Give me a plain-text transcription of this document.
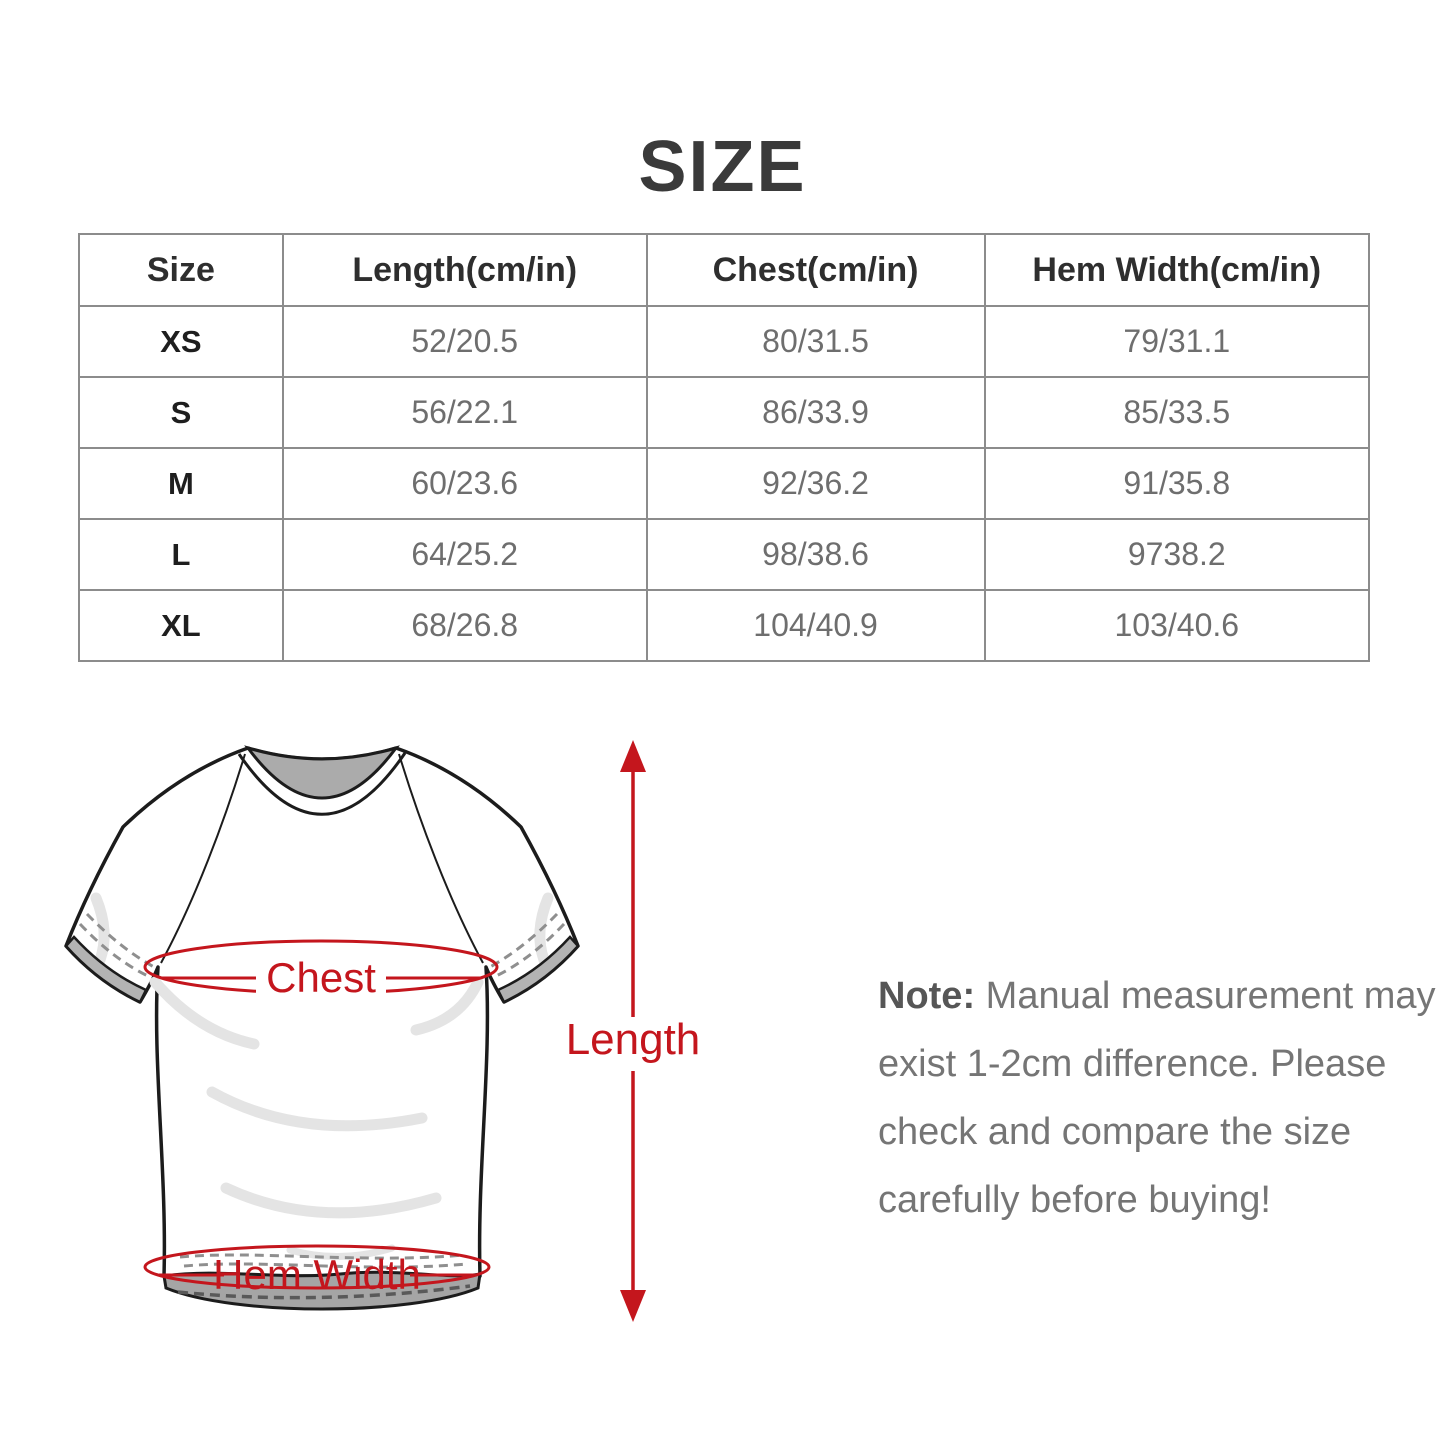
SIZE
Size	Length(cm/in)	Chest(cm/in)	Hem Width(cm/in)
XS	52/20.5	80/31.5	79/31.1
S	56/22.1	86/33.9	85/33.5
M	60/23.6	92/36.2	91/35.8
L	64/25.2	98/38.6	9738.2
XL	68/26.8	104/40.9	103/40.6
Chest
Hem Width
Length
Note: Manual measurement may
exist 1-2cm difference. Please
check and compare the size
carefully before buying!
